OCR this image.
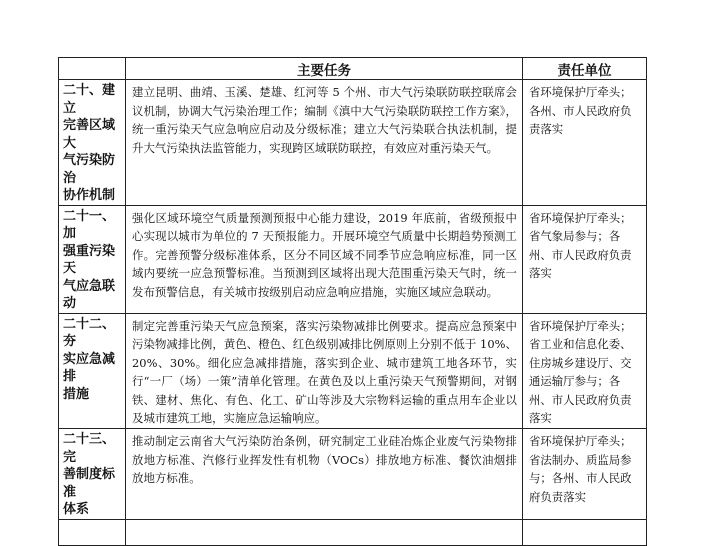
	主要任务	责任单位

二十、建立
完善区域大
气污染防治
协作机制	建立昆明、曲靖、玉溪、楚雄、红河等 5 个州、市大气污染联防联控联席会议机制，协调大气污染治理工作；编制《滇中大气污染联防联控工作方案》，统一重污染天气应急响应启动及分级标准；建立大气污染联合执法机制，提升大气污染执法监管能力，实现跨区域联防联控，有效应对重污染天气。	省环境保护厅牵头；各州、市人民政府负责落实

二十一、加
强重污染天
气应急联动	强化区域环境空气质量预测预报中心能力建设，2019 年底前，省级预报中心实现以城市为单位的 7 天预报能力。开展环境空气质量中长期趋势预测工作。完善预警分级标准体系，区分不同区域不同季节应急响应标准，同一区域内要统一应急预警标准。当预测到区域将出现大范围重污染天气时，统一发布预警信息，有关城市按级别启动应急响应措施，实施区域应急联动。	省环境保护厅牵头；省气象局参与；各州、市人民政府负责落实

二十二、夯
实应急减排
措施	制定完善重污染天气应急预案，落实污染物减排比例要求。提高应急预案中污染物减排比例，黄色、橙色、红色级别减排比例原则上分别不低于 10%、20%、30%。细化应急减排措施，落实到企业、城市建筑工地各环节，实行“一厂（场）一策”清单化管理。在黄色及以上重污染天气预警期间，对钢铁、建材、焦化、有色、化工、矿山等涉及大宗物料运输的重点用车企业以及城市建筑工地，实施应急运输响应。	省环境保护厅牵头；省工业和信息化委、住房城乡建设厅、交通运输厅参与；各州、市人民政府负责落实

二十三、完
善制度标准
体系	推动制定云南省大气污染防治条例，研究制定工业硅冶炼企业废气污染物排放地方标准、汽修行业挥发性有机物（VOCs）排放地方标准、餐饮油烟排放地方标准。	省环境保护厅牵头；省法制办、质监局参与；各州、市人民政府负责落实
